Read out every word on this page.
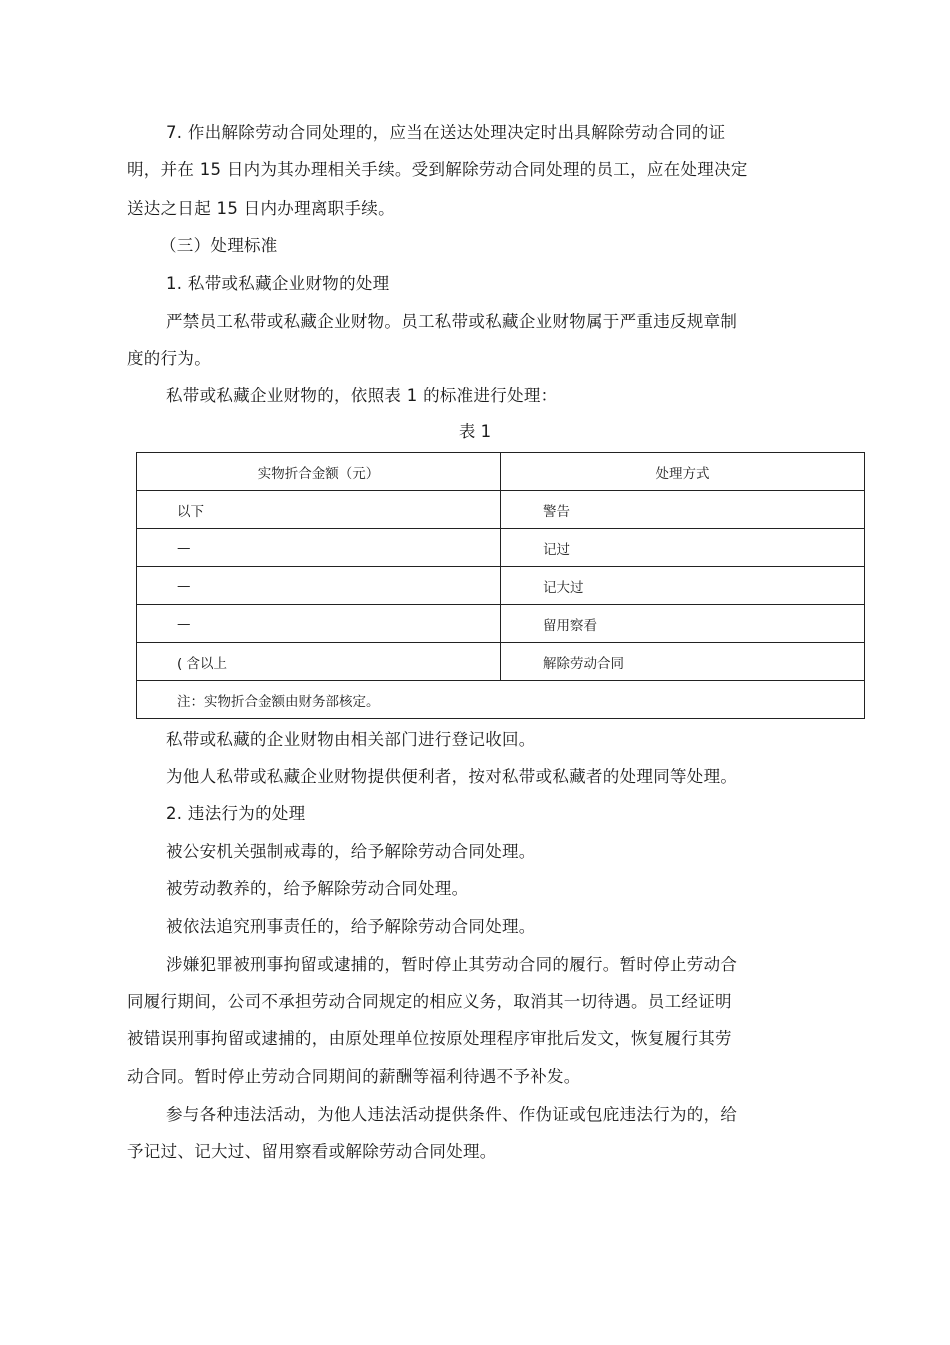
7. 作出解除劳动合同处理的，应当在送达处理决定时出具解除劳动合同的证
明，并在 15 日内为其办理相关手续。受到解除劳动合同处理的员工，应在处理决定
送达之日起 15 日内办理离职手续。
（三）处理标准
1. 私带或私藏企业财物的处理
严禁员工私带或私藏企业财物。员工私带或私藏企业财物属于严重违反规章制
度的行为。
私带或私藏企业财物的，依照表 1 的标准进行处理：
表 1
实物折合金额（元）	处理方式
以下	警告
—	记过
—	记大过
—	留用察看
( 含以上	解除劳动合同
注：实物折合金额由财务部核定。	
私带或私藏的企业财物由相关部门进行登记收回。
为他人私带或私藏企业财物提供便利者，按对私带或私藏者的处理同等处理。
2. 违法行为的处理
被公安机关强制戒毒的，给予解除劳动合同处理。
被劳动教养的，给予解除劳动合同处理。
被依法追究刑事责任的，给予解除劳动合同处理。
涉嫌犯罪被刑事拘留或逮捕的，暂时停止其劳动合同的履行。暂时停止劳动合
同履行期间，公司不承担劳动合同规定的相应义务，取消其一切待遇。员工经证明
被错误刑事拘留或逮捕的，由原处理单位按原处理程序审批后发文，恢复履行其劳
动合同。暂时停止劳动合同期间的薪酬等福利待遇不予补发。
参与各种违法活动，为他人违法活动提供条件、作伪证或包庇违法行为的，给
予记过、记大过、留用察看或解除劳动合同处理。
